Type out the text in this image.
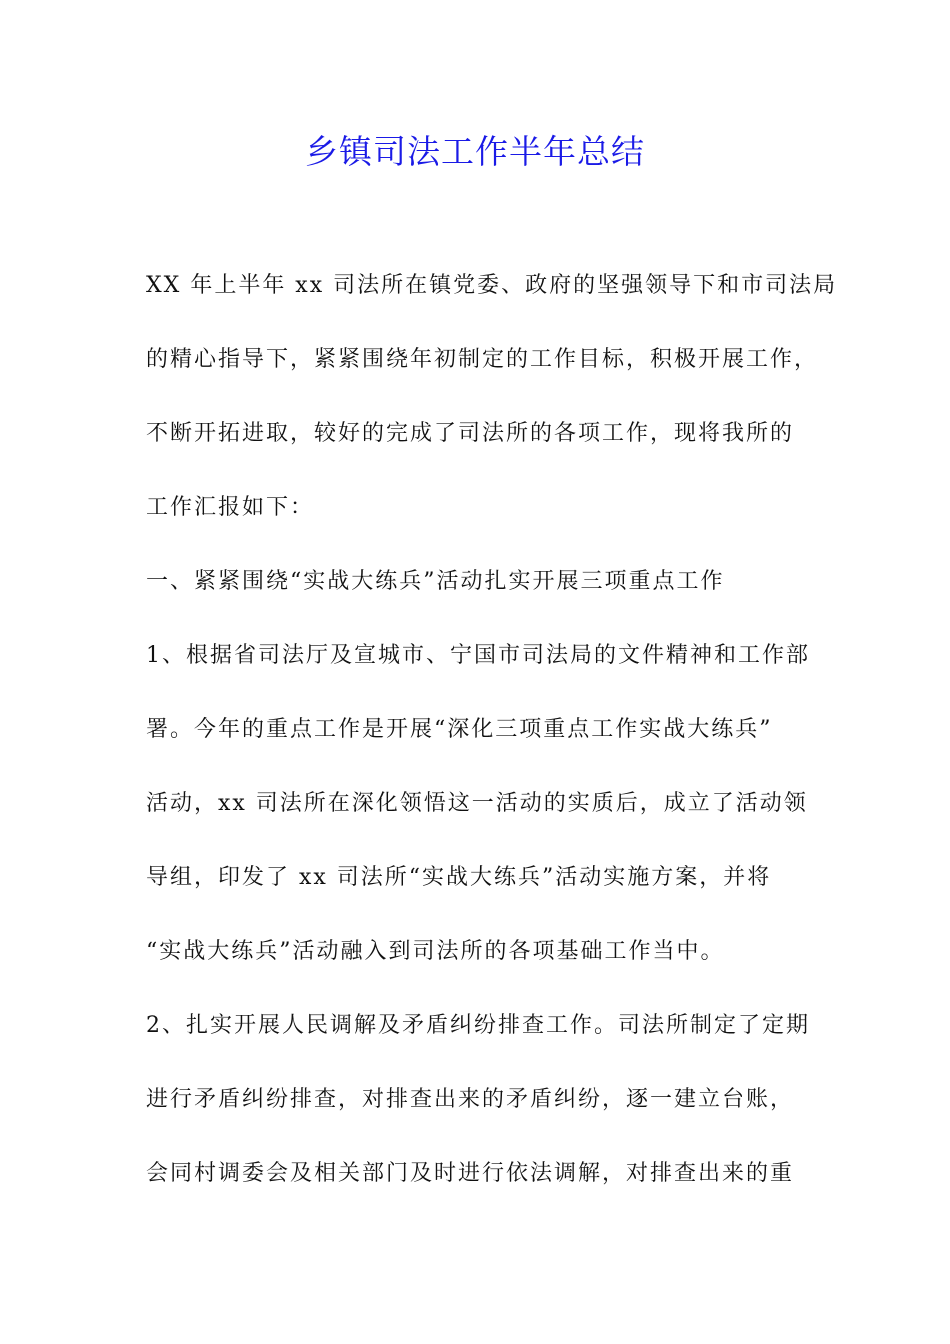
乡镇司法工作半年总结
XX 年上半年 xx 司法所在镇党委、政府的坚强领导下和市司法局
的精心指导下，紧紧围绕年初制定的工作目标，积极开展工作，
不断开拓进取，较好的完成了司法所的各项工作，现将我所的
工作汇报如下：
一、紧紧围绕“实战大练兵”活动扎实开展三项重点工作
1、根据省司法厅及宣城市、宁国市司法局的文件精神和工作部
署。今年的重点工作是开展“深化三项重点工作实战大练兵”
活动，xx 司法所在深化领悟这一活动的实质后，成立了活动领
导组，印发了 xx 司法所“实战大练兵”活动实施方案，并将
“实战大练兵”活动融入到司法所的各项基础工作当中。
2、扎实开展人民调解及矛盾纠纷排查工作。司法所制定了定期
进行矛盾纠纷排查，对排查出来的矛盾纠纷，逐一建立台账，
会同村调委会及相关部门及时进行依法调解，对排查出来的重
